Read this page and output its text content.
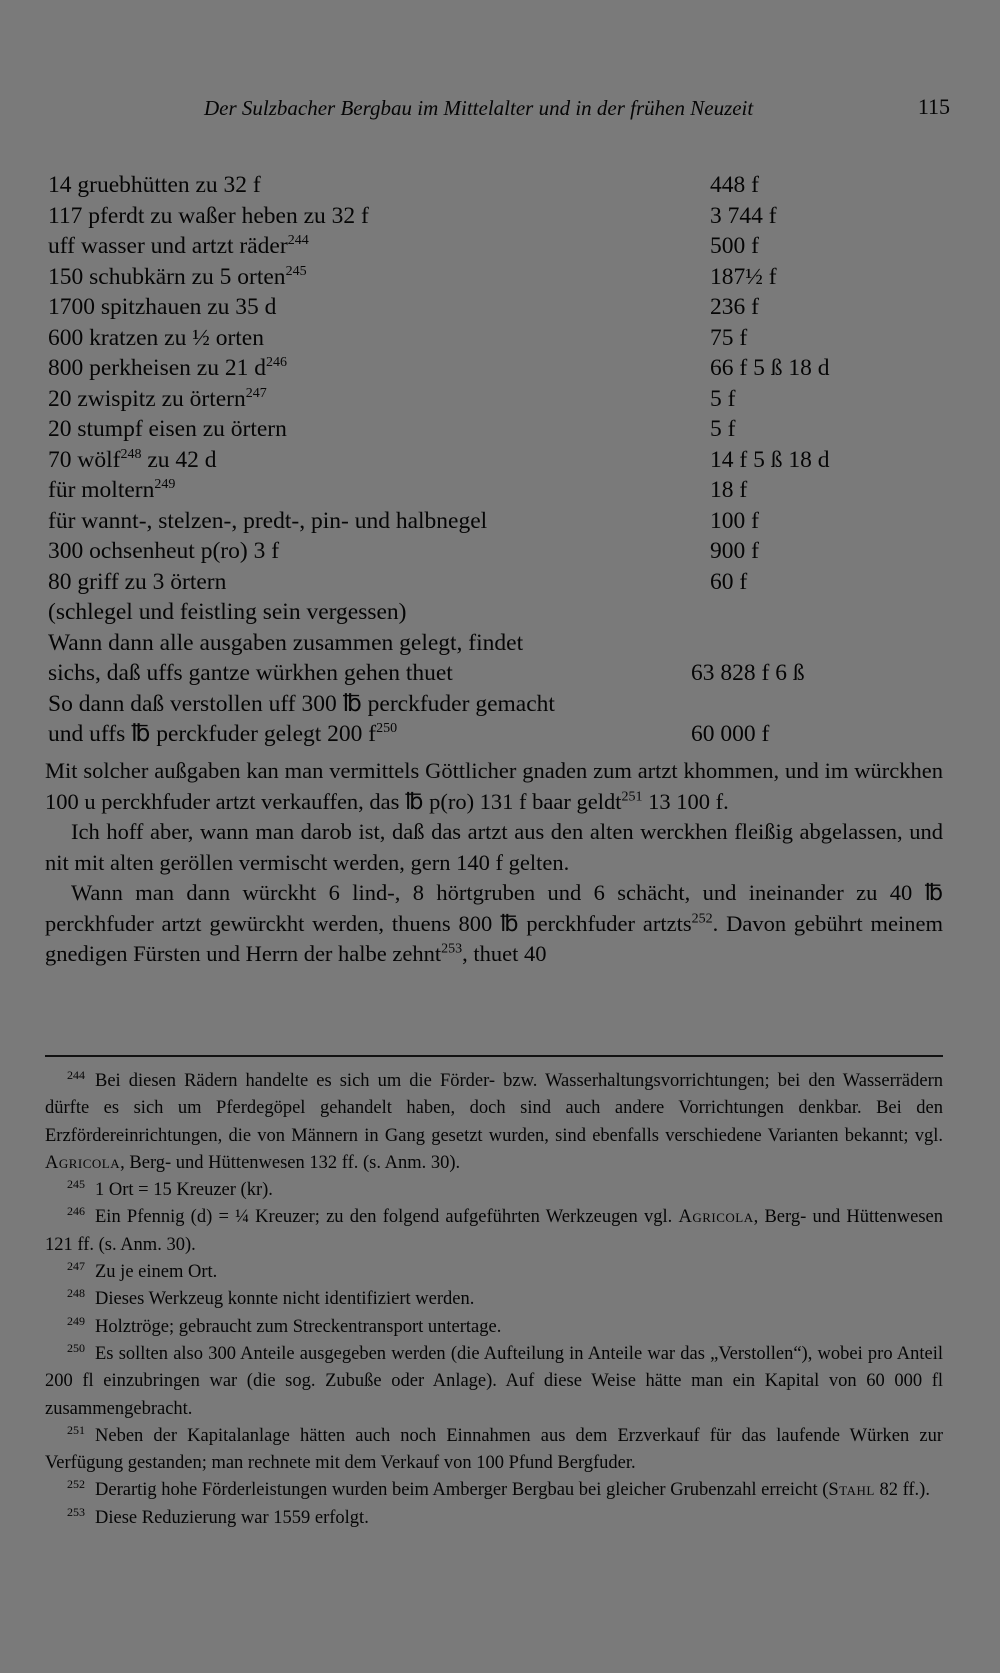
Der Sulzbacher Bergbau im Mittelalter und in der frühen Neuzeit	115
14 gruebhütten zu 32 f	448 f
117 pferdt zu waßer heben zu 32 f	3 744 f
uff wasser und artzt räder$^{244}$	500 f
150 schubkärn zu 5 orten$^{245}$	187½ f
1700 spitzhauen zu 35 d	236 f
600 kratzen zu ½ orten	75 f
800 perkheisen zu 21 $d^{246}$	66 f 5 ß 18 d
20 zwispitz zu örtern$^{247}$	5 f
20 stumpf eisen zu örtern	5 f
70 wölf$^{248}$ zu 42 d	14 f 5 ß 18 d
für moltern$^{249}$	18 f
für wannt-, stelzen-, predt-, pin- und halbnegel	100 f
300 ochsenheut p(ro) 3 f	900 f
80 griff zu 3 örtern	60 f
(schlegel und feistling sein vergessen)
Wann dann alle ausgaben zusammen gelegt, findet
sichs, daß uffs gantze würkhen gehen thuet	63 828 f 6 ß
So dann daß verstollen uff 300 ℔ perckfuder gemacht
und uffs ℔ perckfuder gelegt 200 $f^{250}$	60 000 f

Mit solcher außgaben kan man vermittels Göttlicher gnaden zum artzt khommen, und im würckhen 100 u perckhfuder artzt verkauffen, das ℔ p(ro) 131 f baar geldt$^{251}$ 13 100 f.

Ich hoff aber, wann man darob ist, daß das artzt aus den alten werckhen fleißig abgelassen, und nit mit alten geröllen vermischt werden, gern 140 f gelten.

Wann man dann würckht 6 lind-, 8 hörtgruben und 6 schächt, und ineinander zu 40 ℔ perckhfuder artzt gewürckht werden, thuens 800 ℔ perckhfuder artzts$^{252}$. Davon gebührt meinem gnedigen Fürsten und Herrn der halbe zehnt$^{253}$, thuet 40

$^{244}$ Bei diesen Rädern handelte es sich um die Förder- bzw. Wasserhaltungsvorrichtungen; bei den Wasserrädern dürfte es sich um Pferdegöpel gehandelt haben, doch sind auch andere Vorrichtungen denkbar. Bei den Erzfördereinrichtungen, die von Männern in Gang gesetzt wurden, sind ebenfalls verschiedene Varianten bekannt; vgl. Agricola, Berg- und Hüttenwesen 132 ff. (s. Anm. 30).

$^{245}$ 1 Ort = 15 Kreuzer (kr).

$^{246}$ Ein Pfennig (d) = ¼ Kreuzer; zu den folgend aufgeführten Werkzeugen vgl. Agricola, Berg- und Hüttenwesen 121 ff. (s. Anm. 30).

$^{247}$ Zu je einem Ort.

$^{248}$ Dieses Werkzeug konnte nicht identifiziert werden.

$^{249}$ Holztröge; gebraucht zum Streckentransport untertage.

$^{250}$ Es sollten also 300 Anteile ausgegeben werden (die Aufteilung in Anteile war das „Verstollen“), wobei pro Anteil 200 fl einzubringen war (die sog. Zubuße oder Anlage). Auf diese Weise hätte man ein Kapital von 60 000 fl zusammengebracht.

$^{251}$ Neben der Kapitalanlage hätten auch noch Einnahmen aus dem Erzverkauf für das laufende Würken zur Verfügung gestanden; man rechnete mit dem Verkauf von 100 Pfund Bergfuder.

$^{252}$ Derartig hohe Förderleistungen wurden beim Amberger Bergbau bei gleicher Grubenzahl erreicht (Stahl 82 ff.).

$^{253}$ Diese Reduzierung war 1559 erfolgt.
